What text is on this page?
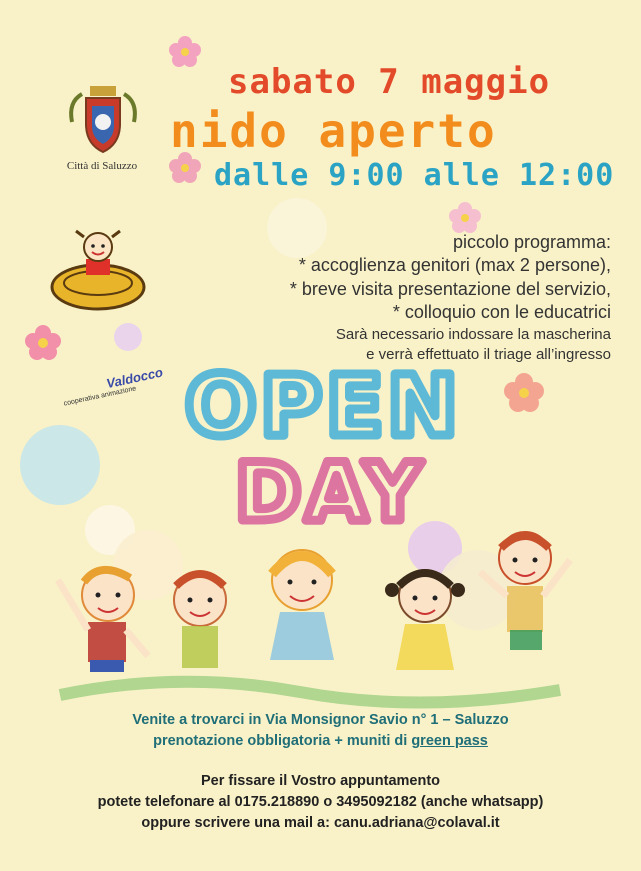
Città di Saluzzo
sabato 7 maggio
nido aperto
dalle 9:00 alle 12:00
piccolo programma:
* accoglienza genitori (max 2 persone),
* breve visita presentazione del servizio,
* colloquio con le educatrici
Sarà necessario indossare la mascherina
e verrà effettuato il triage all’ingresso
Valdocco
cooperativa animazione OPEN
DAY
Venite a trovarci in Via Monsignor Savio n° 1 – Saluzzo
prenotazione obbligatoria + muniti di green pass
Per fissare il Vostro appuntamento
potete telefonare al 0175.218890 o 3495092182 (anche whatsapp)
oppure scrivere una mail a: canu.adriana@colaval.it
